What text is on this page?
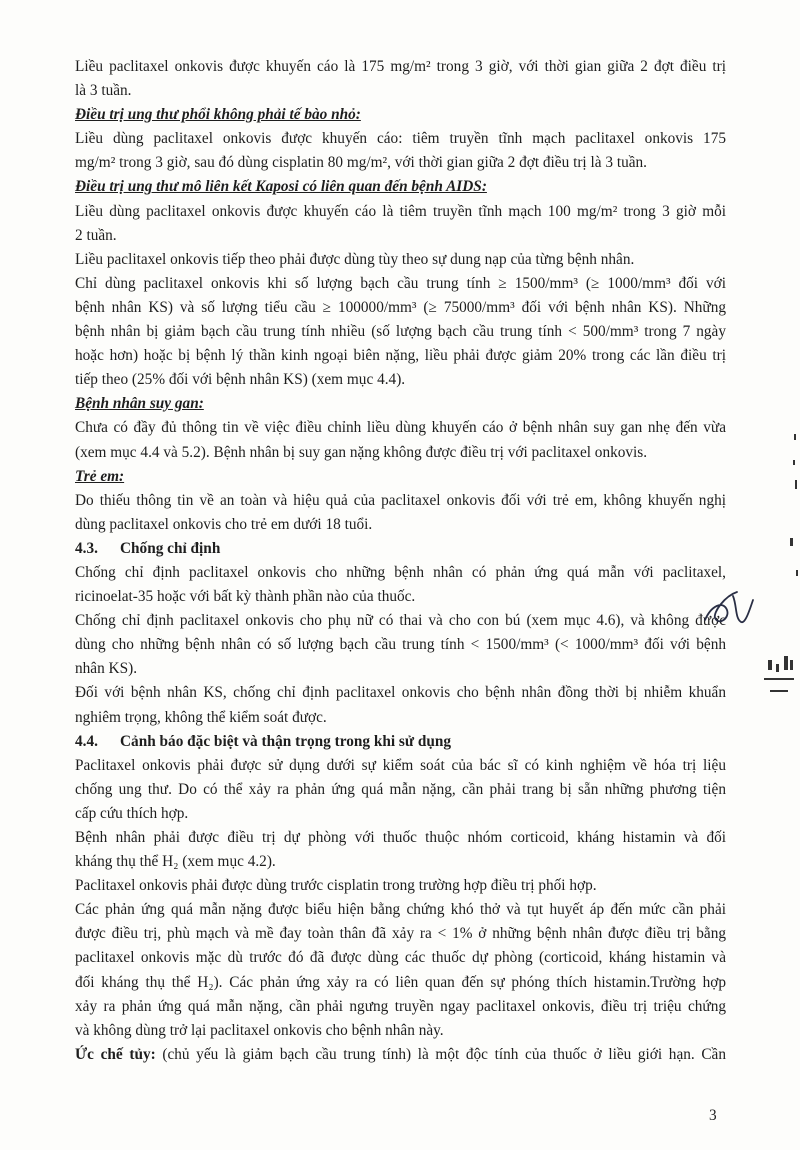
Liều paclitaxel onkovis được khuyến cáo là 175 mg/m² trong 3 giờ, với thời gian giữa 2 đợt điều trị
là 3 tuần.
Điều trị ung thư phổi không phải tế bào nhỏ:
Liều dùng paclitaxel onkovis được khuyến cáo: tiêm truyền tĩnh mạch paclitaxel onkovis 175
mg/m² trong 3 giờ, sau đó dùng cisplatin 80 mg/m², với thời gian giữa 2 đợt điều trị là 3 tuần.
Điều trị ung thư mô liên kết Kaposi có liên quan đến bệnh AIDS:
Liều dùng paclitaxel onkovis được khuyến cáo là tiêm truyền tĩnh mạch 100 mg/m² trong 3 giờ mỗi
2 tuần.
Liều paclitaxel onkovis tiếp theo phải được dùng tùy theo sự dung nạp của từng bệnh nhân.
Chỉ dùng paclitaxel onkovis khi số lượng bạch cầu trung tính ≥ 1500/mm³ (≥ 1000/mm³ đối với
bệnh nhân KS) và số lượng tiểu cầu ≥ 100000/mm³ (≥ 75000/mm³ đối với bệnh nhân KS). Những
bệnh nhân bị giảm bạch cầu trung tính nhiều (số lượng bạch cầu trung tính < 500/mm³ trong 7 ngày
hoặc hơn) hoặc bị bệnh lý thần kinh ngoại biên nặng, liều phải được giảm 20% trong các lần điều trị
tiếp theo (25% đối với bệnh nhân KS) (xem mục 4.4).
Bệnh nhân suy gan:
Chưa có đầy đủ thông tin về việc điều chỉnh liều dùng khuyến cáo ở bệnh nhân suy gan nhẹ đến vừa
(xem mục 4.4 và 5.2). Bệnh nhân bị suy gan nặng không được điều trị với paclitaxel onkovis.
Trẻ em:
Do thiếu thông tin về an toàn và hiệu quả của paclitaxel onkovis đối với trẻ em, không khuyến nghị
dùng paclitaxel onkovis cho trẻ em dưới 18 tuổi.
4.3. Chống chỉ định
Chống chỉ định paclitaxel onkovis cho những bệnh nhân có phản ứng quá mẫn với paclitaxel,
ricinoelat-35 hoặc với bất kỳ thành phần nào của thuốc.
Chống chỉ định paclitaxel onkovis cho phụ nữ có thai và cho con bú (xem mục 4.6), và không được
dùng cho những bệnh nhân có số lượng bạch cầu trung tính < 1500/mm³ (< 1000/mm³ đối với bệnh
nhân KS).
Đối với bệnh nhân KS, chống chỉ định paclitaxel onkovis cho bệnh nhân đồng thời bị nhiễm khuẩn
nghiêm trọng, không thể kiểm soát được.
4.4. Cảnh báo đặc biệt và thận trọng trong khi sử dụng
Paclitaxel onkovis phải được sử dụng dưới sự kiểm soát của bác sĩ có kinh nghiệm về hóa trị liệu
chống ung thư. Do có thể xảy ra phản ứng quá mẫn nặng, cần phải trang bị sẵn những phương tiện
cấp cứu thích hợp.
Bệnh nhân phải được điều trị dự phòng với thuốc thuộc nhóm corticoid, kháng histamin và đối
kháng thụ thể H₂ (xem mục 4.2).
Paclitaxel onkovis phải được dùng trước cisplatin trong trường hợp điều trị phối hợp.
Các phản ứng quá mẫn nặng được biểu hiện bằng chứng khó thở và tụt huyết áp đến mức cần phải
được điều trị, phù mạch và mề đay toàn thân đã xảy ra < 1% ở những bệnh nhân được điều trị bằng
paclitaxel onkovis mặc dù trước đó đã được dùng các thuốc dự phòng (corticoid, kháng histamin và
đối kháng thụ thể H₂). Các phản ứng xảy ra có liên quan đến sự phóng thích histamin.Trường hợp
xảy ra phản ứng quá mẫn nặng, cần phải ngưng truyền ngay paclitaxel onkovis, điều trị triệu chứng
và không dùng trở lại paclitaxel onkovis cho bệnh nhân này.
Ức chế tủy: (chủ yếu là giảm bạch cầu trung tính) là một độc tính của thuốc ở liều giới hạn. Cần
3
